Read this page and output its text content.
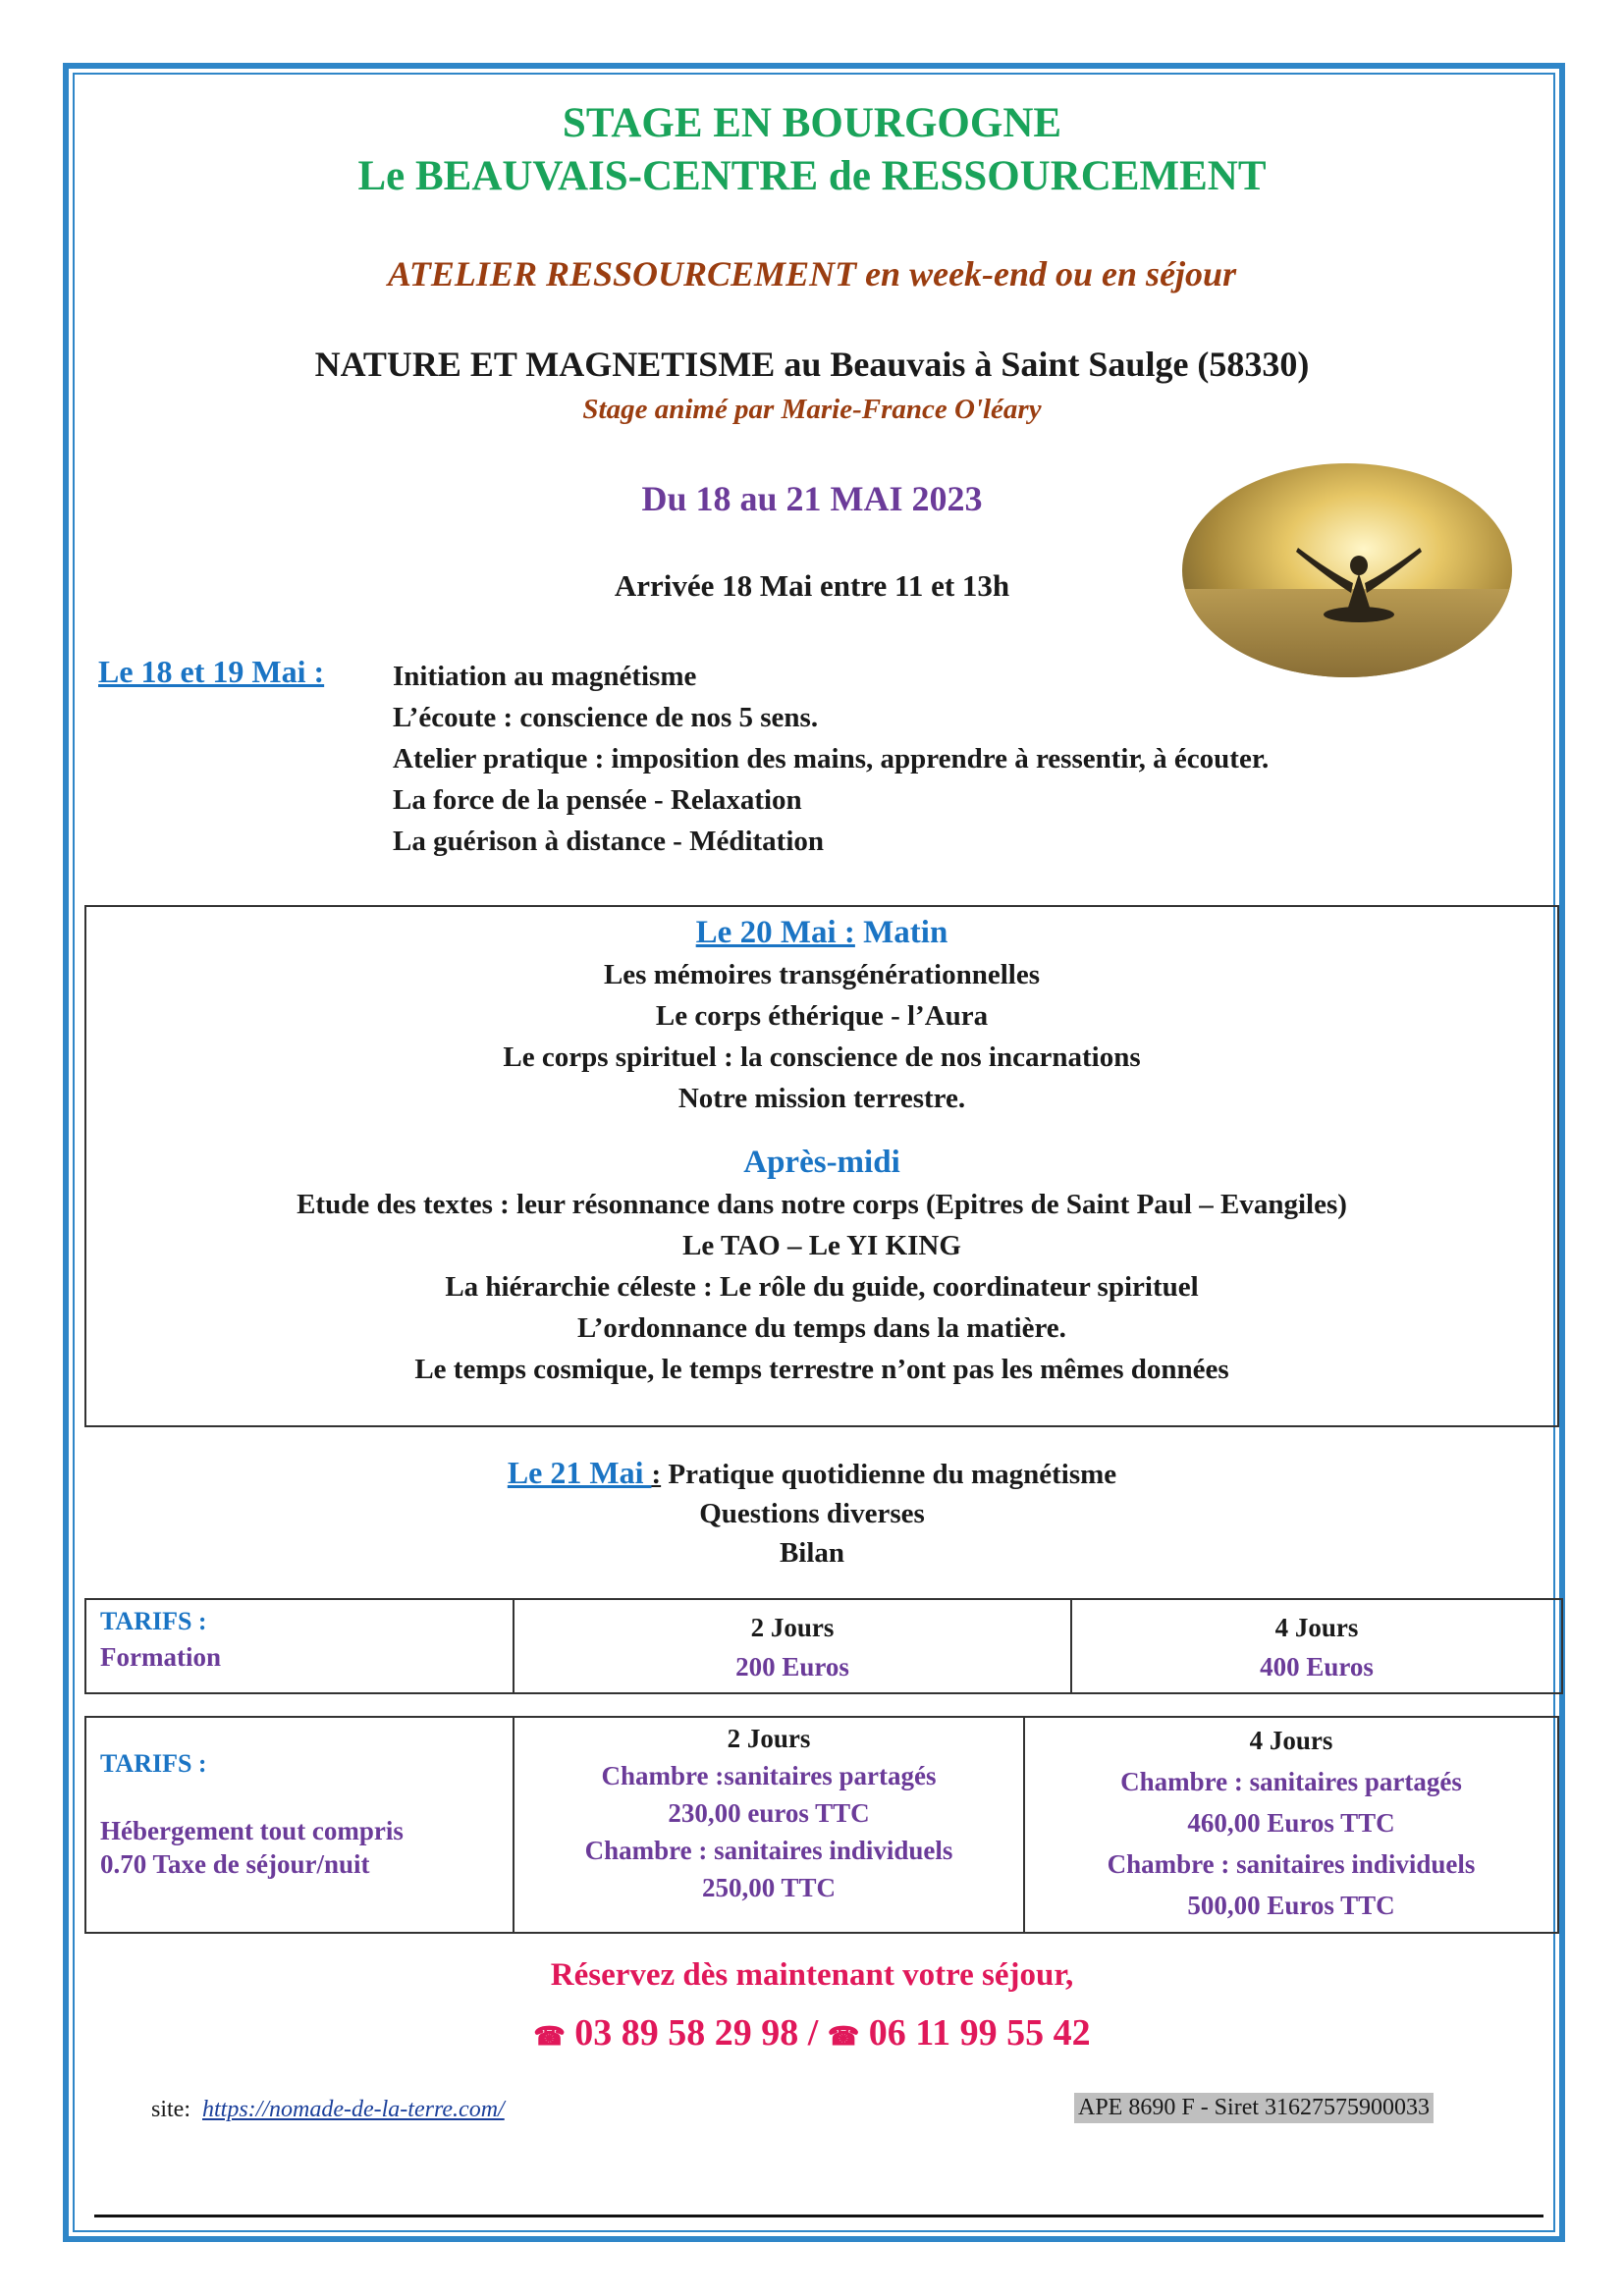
STAGE EN BOURGOGNE
Le BEAUVAIS-CENTRE de RESSOURCEMENT
ATELIER RESSOURCEMENT en week-end ou en séjour
NATURE ET MAGNETISME au Beauvais à Saint Saulge (58330)
Stage animé par Marie-France O'léary
Du 18 au 21 MAI 2023
Arrivée 18 Mai entre 11 et 13h
Le 18 et 19 Mai : Initiation au magnétisme
L’écoute : conscience de nos 5 sens.
Atelier pratique : imposition des mains, apprendre à ressentir, à écouter.
La force de la pensée - Relaxation
La guérison à distance - Méditation
Le 20 Mai : Matin
Les mémoires transgénérationnelles
Le corps éthérique - l’Aura
Le corps spirituel : la conscience de nos incarnations
Notre mission terrestre.
Après-midi
Etude des textes : leur résonnance dans notre corps (Epitres de Saint Paul – Evangiles)
Le TAO – Le YI KING
La hiérarchie céleste : Le rôle du guide, coordinateur spirituel
L’ordonnance du temps dans la matière.
Le temps cosmique, le temps terrestre n’ont pas les mêmes données
Le 21 Mai : Pratique quotidienne du magnétisme
Questions diverses
Bilan
TARIFS :
Formation

2 Jours
200 Euros

4 Jours
400 Euros
TARIFS :
Hébergement tout compris
0.70 Taxe de séjour/nuit

2 Jours
Chambre :sanitaires partagés
230,00 euros TTC
Chambre : sanitaires individuels
250,00 TTC

4 Jours
Chambre : sanitaires partagés
460,00 Euros TTC
Chambre : sanitaires individuels
500,00 Euros TTC
Réservez dès maintenant votre séjour,
☎ 03 89 58 29 98 / ☎ 06 11 99 55 42
site: https://nomade-de-la-terre.com/	APE 8690 F - Siret 31627575900033
